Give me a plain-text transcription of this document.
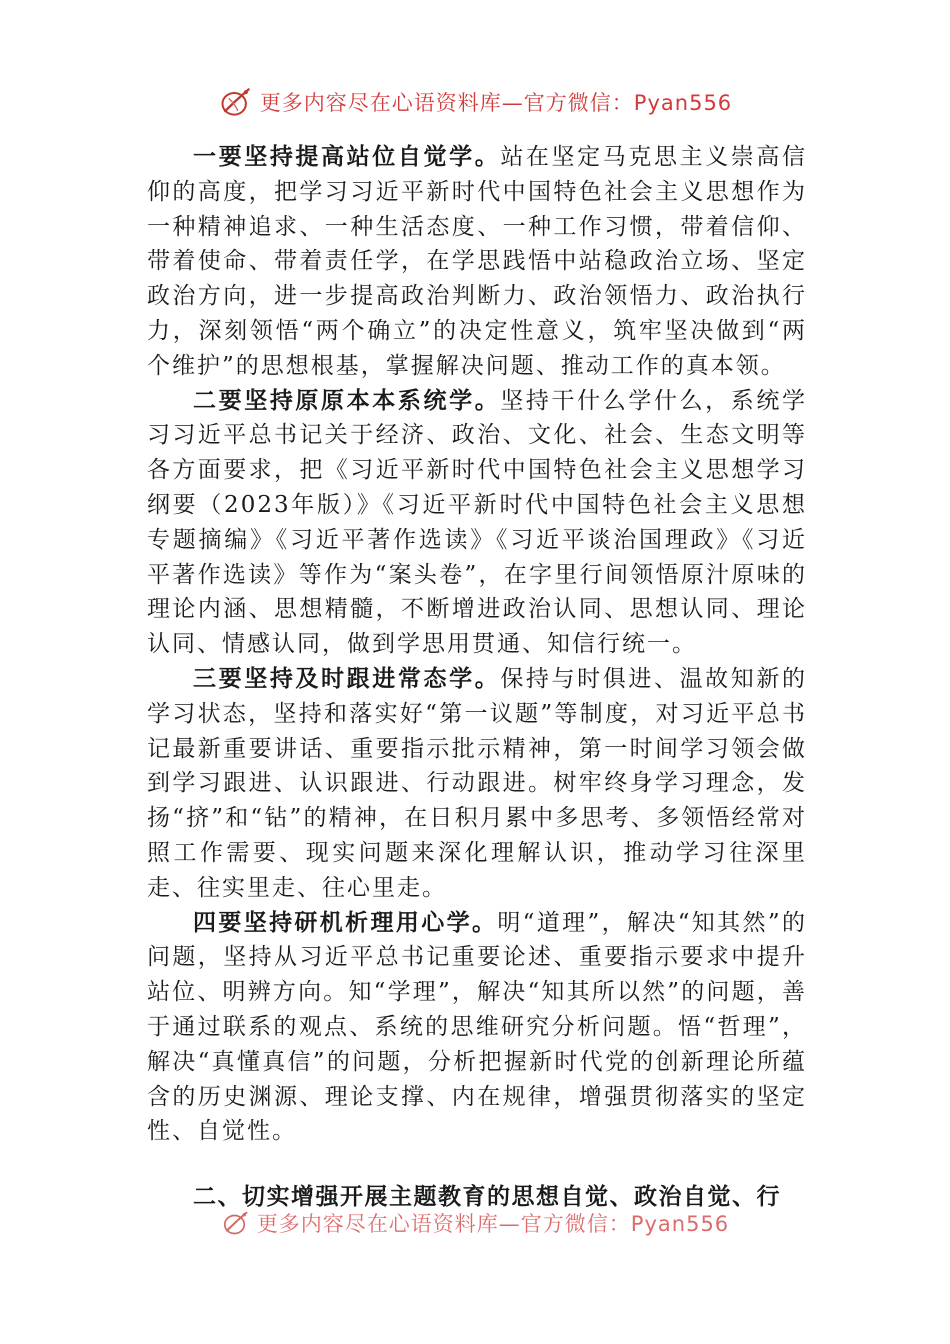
更多内容尽在心语资料库—官方微信：Pyan556

一要坚持提高站位自觉学。站在坚定马克思主义崇高信仰的高度，把学习习近平新时代中国特色社会主义思想作为一种精神追求、一种生活态度、一种工作习惯，带着信仰、带着使命、带着责任学，在学思践悟中站稳政治立场、坚定政治方向，进一步提高政治判断力、政治领悟力、政治执行力，深刻领悟“两个确立”的决定性意义，筑牢坚决做到“两个维护”的思想根基，掌握解决问题、推动工作的真本领。

二要坚持原原本本系统学。坚持干什么学什么，系统学习习近平总书记关于经济、政治、文化、社会、生态文明等各方面要求，把《习近平新时代中国特色社会主义思想学习纲要（2023年版）》《习近平新时代中国特色社会主义思想专题摘编》《习近平著作选读》《习近平谈治国理政》《习近平著作选读》等作为“案头卷”，在字里行间领悟原汁原味的理论内涵、思想精髓，不断增进政治认同、思想认同、理论认同、情感认同，做到学思用贯通、知信行统一。

三要坚持及时跟进常态学。保持与时俱进、温故知新的学习状态，坚持和落实好“第一议题”等制度，对习近平总书记最新重要讲话、重要指示批示精神，第一时间学习领会做到学习跟进、认识跟进、行动跟进。树牢终身学习理念，发扬“挤”和“钻”的精神，在日积月累中多思考、多领悟经常对照工作需要、现实问题来深化理解认识，推动学习往深里走、往实里走、往心里走。

四要坚持研机析理用心学。明“道理”，解决“知其然”的问题，坚持从习近平总书记重要论述、重要指示要求中提升站位、明辨方向。知“学理”，解决“知其所以然”的问题，善于通过联系的观点、系统的思维研究分析问题。悟“哲理”，解决“真懂真信”的问题，分析把握新时代党的创新理论所蕴含的历史渊源、理论支撑、内在规律，增强贯彻落实的坚定性、自觉性。

二、切实增强开展主题教育的思想自觉、政治自觉、行

更多内容尽在心语资料库—官方微信：Pyan556
